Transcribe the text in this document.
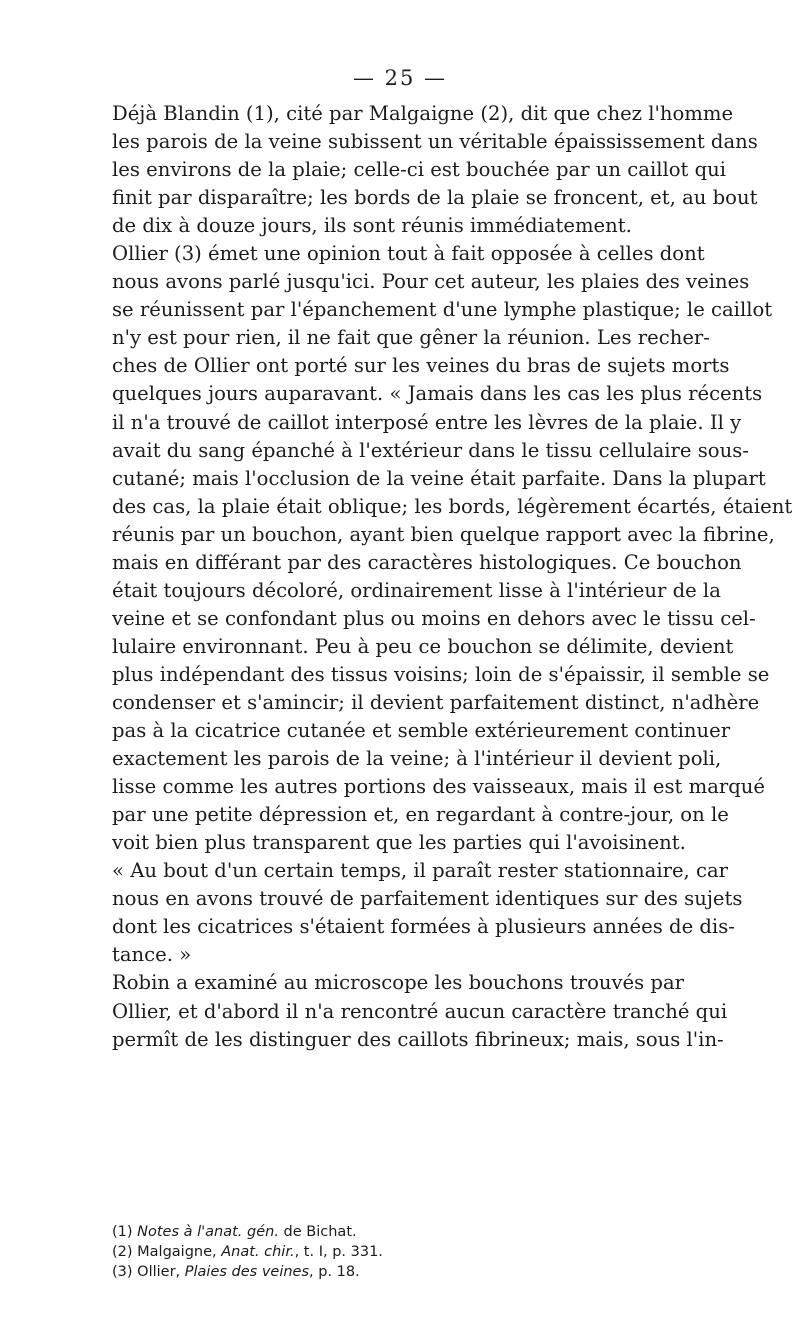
— 25 —
Déjà Blandin (1), cité par Malgaigne (2), dit que chez l'homme
les parois de la veine subissent un véritable épaississement dans
les environs de la plaie; celle-ci est bouchée par un caillot qui
finit par disparaître; les bords de la plaie se froncent, et, au bout
de dix à douze jours, ils sont réunis immédiatement.
Ollier (3) émet une opinion tout à fait opposée à celles dont
nous avons parlé jusqu'ici. Pour cet auteur, les plaies des veines
se réunissent par l'épanchement d'une lymphe plastique; le caillot
n'y est pour rien, il ne fait que gêner la réunion. Les recher-
ches de Ollier ont porté sur les veines du bras de sujets morts
quelques jours auparavant. « Jamais dans les cas les plus récents
il n'a trouvé de caillot interposé entre les lèvres de la plaie. Il y
avait du sang épanché à l'extérieur dans le tissu cellulaire sous-
cutané; mais l'occlusion de la veine était parfaite. Dans la plupart
des cas, la plaie était oblique; les bords, légèrement écartés, étaient
réunis par un bouchon, ayant bien quelque rapport avec la fibrine,
mais en différant par des caractères histologiques. Ce bouchon
était toujours décoloré, ordinairement lisse à l'intérieur de la
veine et se confondant plus ou moins en dehors avec le tissu cel-
lulaire environnant. Peu à peu ce bouchon se délimite, devient
plus indépendant des tissus voisins; loin de s'épaissir, il semble se
condenser et s'amincir; il devient parfaitement distinct, n'adhère
pas à la cicatrice cutanée et semble extérieurement continuer
exactement les parois de la veine; à l'intérieur il devient poli,
lisse comme les autres portions des vaisseaux, mais il est marqué
par une petite dépression et, en regardant à contre-jour, on le
voit bien plus transparent que les parties qui l'avoisinent.
« Au bout d'un certain temps, il paraît rester stationnaire, car
nous en avons trouvé de parfaitement identiques sur des sujets
dont les cicatrices s'étaient formées à plusieurs années de dis-
tance. »
Robin a examiné au microscope les bouchons trouvés par
Ollier, et d'abord il n'a rencontré aucun caractère tranché qui
permît de les distinguer des caillots fibrineux; mais, sous l'in-
(1) Notes à l'anat. gén. de Bichat.
(2) Malgaigne, Anat. chir., t. I, p. 331.
(3) Ollier, Plaies des veines, p. 18.
